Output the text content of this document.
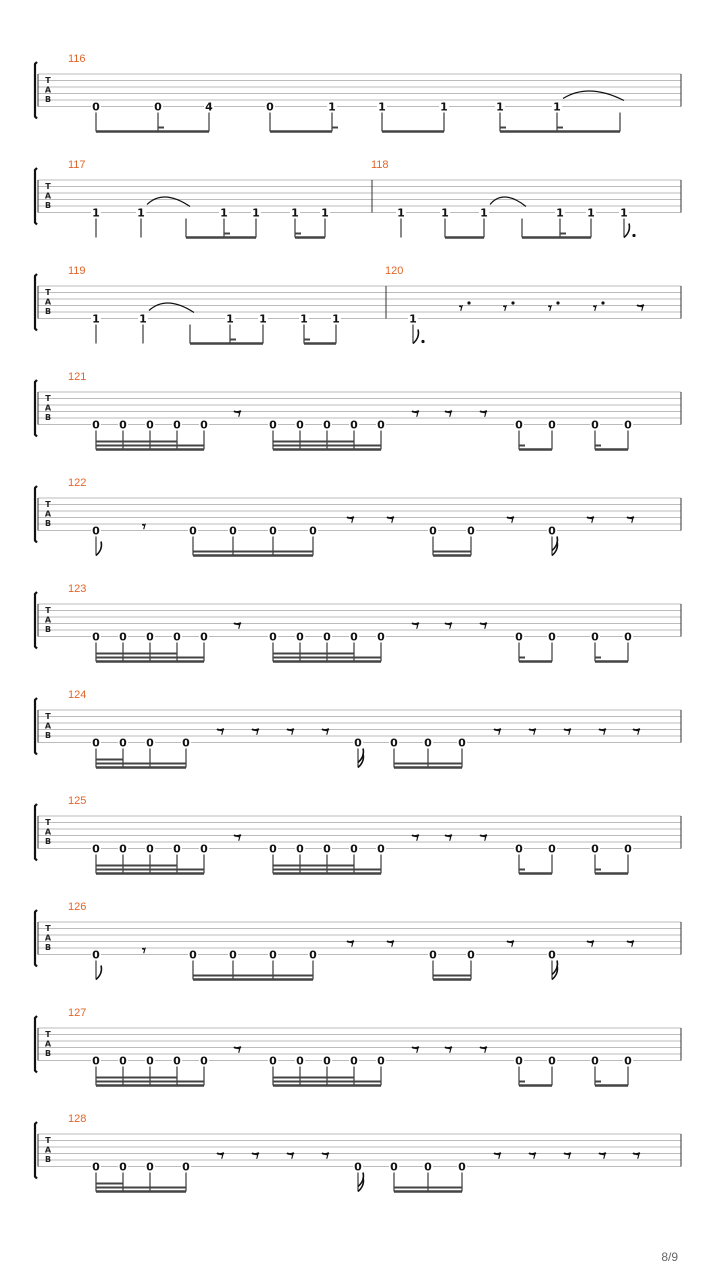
T
A
B
116
0	0	4	0	1	1	1	1	1
T
A
B
117
1	1	1 1	1 1
118
1	1	1	1 1 1
T
A
B
119
1	1	1 1	1 1
120
1
𝄾	𝄾	𝄾	𝄾	𝄾
T
A
B
121
0 0 0 0 0
𝄾
0 0 0 0 0
𝄾 𝄾 𝄾
0 0	0 0
T
A
B
122
0	𝄾	0	0	0	0
𝄾 𝄾
0	0
𝄾
0
𝄾 𝄾
T
A
B
123
0 0 0 0 0
𝄾
0 0 0 0 0
𝄾 𝄾 𝄾
0 0	0 0
T
A
B
124
0 0 0	0
𝄾 𝄾 𝄾 𝄾
0	0 0 0
𝄾 𝄾 𝄾 𝄾 𝄾
T
A
B
125
0 0 0 0 0
𝄾
0 0 0 0 0
𝄾 𝄾 𝄾
0 0	0 0
T
A
B
126
0	𝄾	0	0	0	0
𝄾 𝄾
0	0
𝄾
0
𝄾 𝄾
T
A
B
127
0 0 0 0 0
𝄾
0 0 0 0 0
𝄾 𝄾 𝄾
0 0	0 0
T
A
B
128
0 0 0	0
𝄾 𝄾 𝄾 𝄾
0	0 0 0
𝄾 𝄾 𝄾 𝄾 𝄾
8/9
